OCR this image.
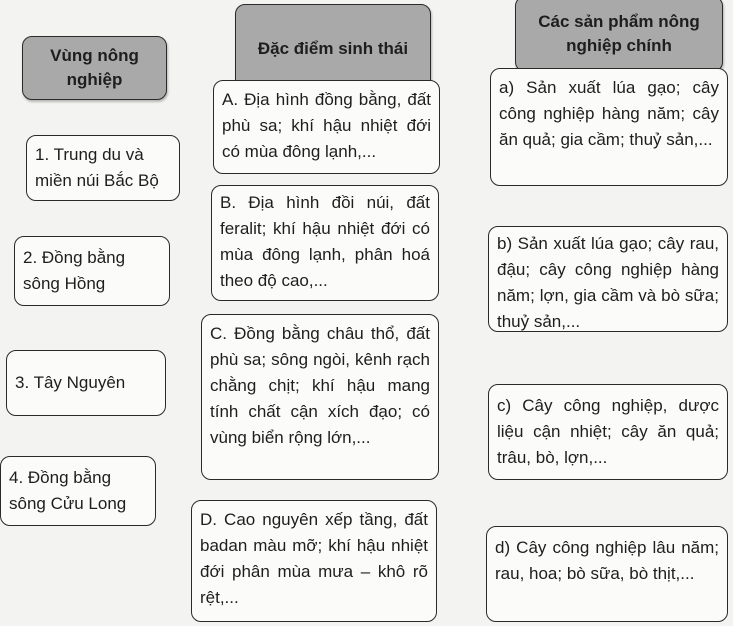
Vùng nông nghiệp
Đặc điểm sinh thái
Các sản phẩm nông nghiệp chính
1. Trung du và miền núi Bắc Bộ
2. Đồng bằng sông Hồng
3. Tây Nguyên
4. Đồng bằng sông Cửu Long
A. Địa hình đồng bằng, đất phù sa; khí hậu nhiệt đới có mùa đông lạnh,...
B. Địa hình đồi núi, đất feralit; khí hậu nhiệt đới có mùa đông lạnh, phân hoá theo độ cao,...
C. Đồng bằng châu thổ, đất phù sa; sông ngòi, kênh rạch chằng chịt; khí hậu mang tính chất cận xích đạo; có vùng biển rộng lớn,...
D. Cao nguyên xếp tầng, đất badan màu mỡ; khí hậu nhiệt đới phân mùa mưa – khô rõ rệt,...
a) Sản xuất lúa gạo; cây công nghiệp hàng năm; cây ăn quả; gia cầm; thuỷ sản,...
b) Sản xuất lúa gạo; cây rau, đậu; cây công nghiệp hàng năm; lợn, gia cầm và bò sữa; thuỷ sản,...
c) Cây công nghiệp, dược liệu cận nhiệt; cây ăn quả; trâu, bò, lợn,...
d) Cây công nghiệp lâu năm; rau, hoa; bò sữa, bò thịt,...
